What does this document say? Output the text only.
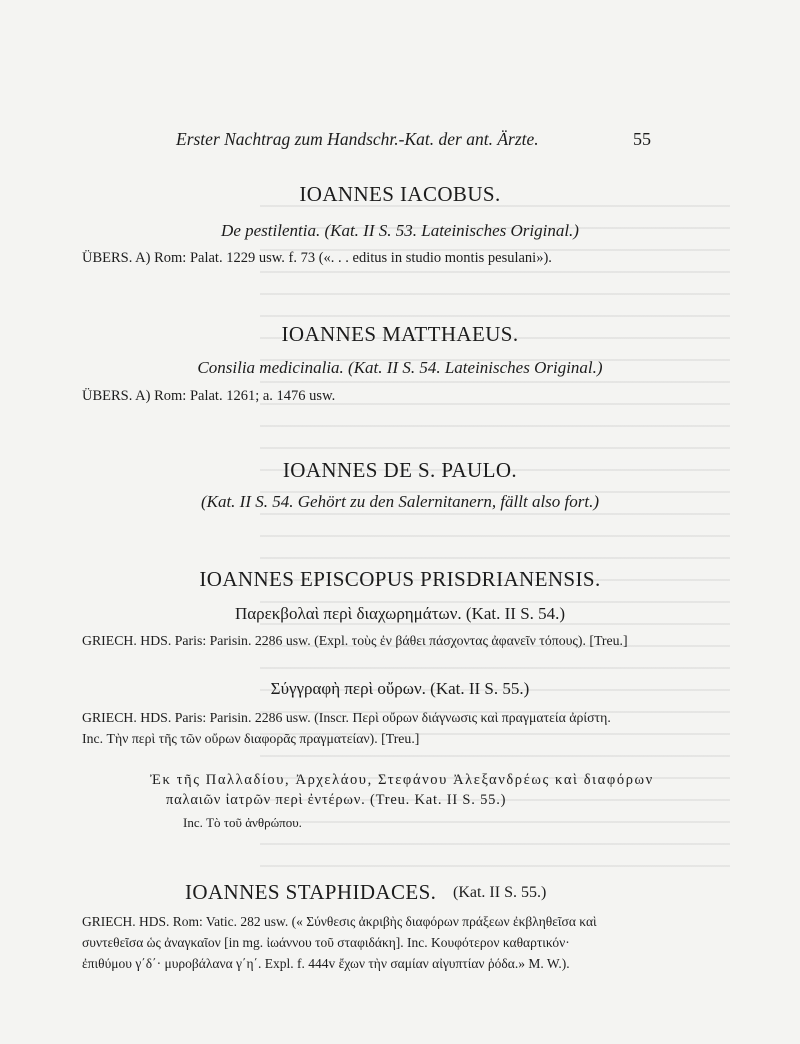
Erster Nachtrag zum Handschr.-Kat. der ant. Ärzte.	55
IOANNES IACOBUS.
De pestilentia. (Kat. II S. 53. Lateinisches Original.)
ÜBERS. A) Rom: Palat. 1229 usw. f. 73 («. . . editus in studio montis pesulani»).
IOANNES MATTHAEUS.
Consilia medicinalia. (Kat. II S. 54. Lateinisches Original.)
ÜBERS. A) Rom: Palat. 1261; a. 1476 usw.
IOANNES DE S. PAULO.
(Kat. II S. 54. Gehört zu den Salernitanern, fällt also fort.)
IOANNES EPISCOPUS PRISDRIANENSIS.
Παρεκβολαὶ περὶ διαχωρημάτων. (Kat. II S. 54.)
GRIECH. HDS. Paris: Parisin. 2286 usw. (Expl. τοὺς ἐν βάθει πάσχοντας ἀφανεῖν τόπους). [Treu.]
Σύγγραφὴ περὶ οὔρων. (Kat. II S. 55.)
GRIECH. HDS. Paris: Parisin. 2286 usw. (Inscr. Περὶ οὔρων διάγνωσις καὶ πραγματεία ἀρίστη.
Inc. Τὴν περὶ τῆς τῶν οὔρων διαφορᾶς πραγματείαν). [Treu.]
Ἐκ τῆς Παλλαδίου, Ἀρχελάου, Στεφάνου Ἀλεξανδρέως καὶ διαφόρων
παλαιῶν ἰατρῶν περὶ ἐντέρων. (Treu. Kat. II S. 55.)
Inc. Τὸ τοῦ ἀνθρώπου.
IOANNES STAPHIDACES. (Kat. II S. 55.)
GRIECH. HDS. Rom: Vatic. 282 usw. (« Σύνθεσις ἀκριβὴς διαφόρων πράξεων ἐκβληθεῖσα καὶ
συντεθεῖσα ὡς ἀναγκαῖον [in mg. ἰωάννου τοῦ σταφιδάκη]. Inc. Κουφότερον καθαρτικόν·
ἐπιθύμου γ΄δ΄· μυροβάλανα γ΄η΄. Expl. f. 444v ἔχων τὴν σαμίαν αἰγυπτίαν ῥόδα.» M. W.).
